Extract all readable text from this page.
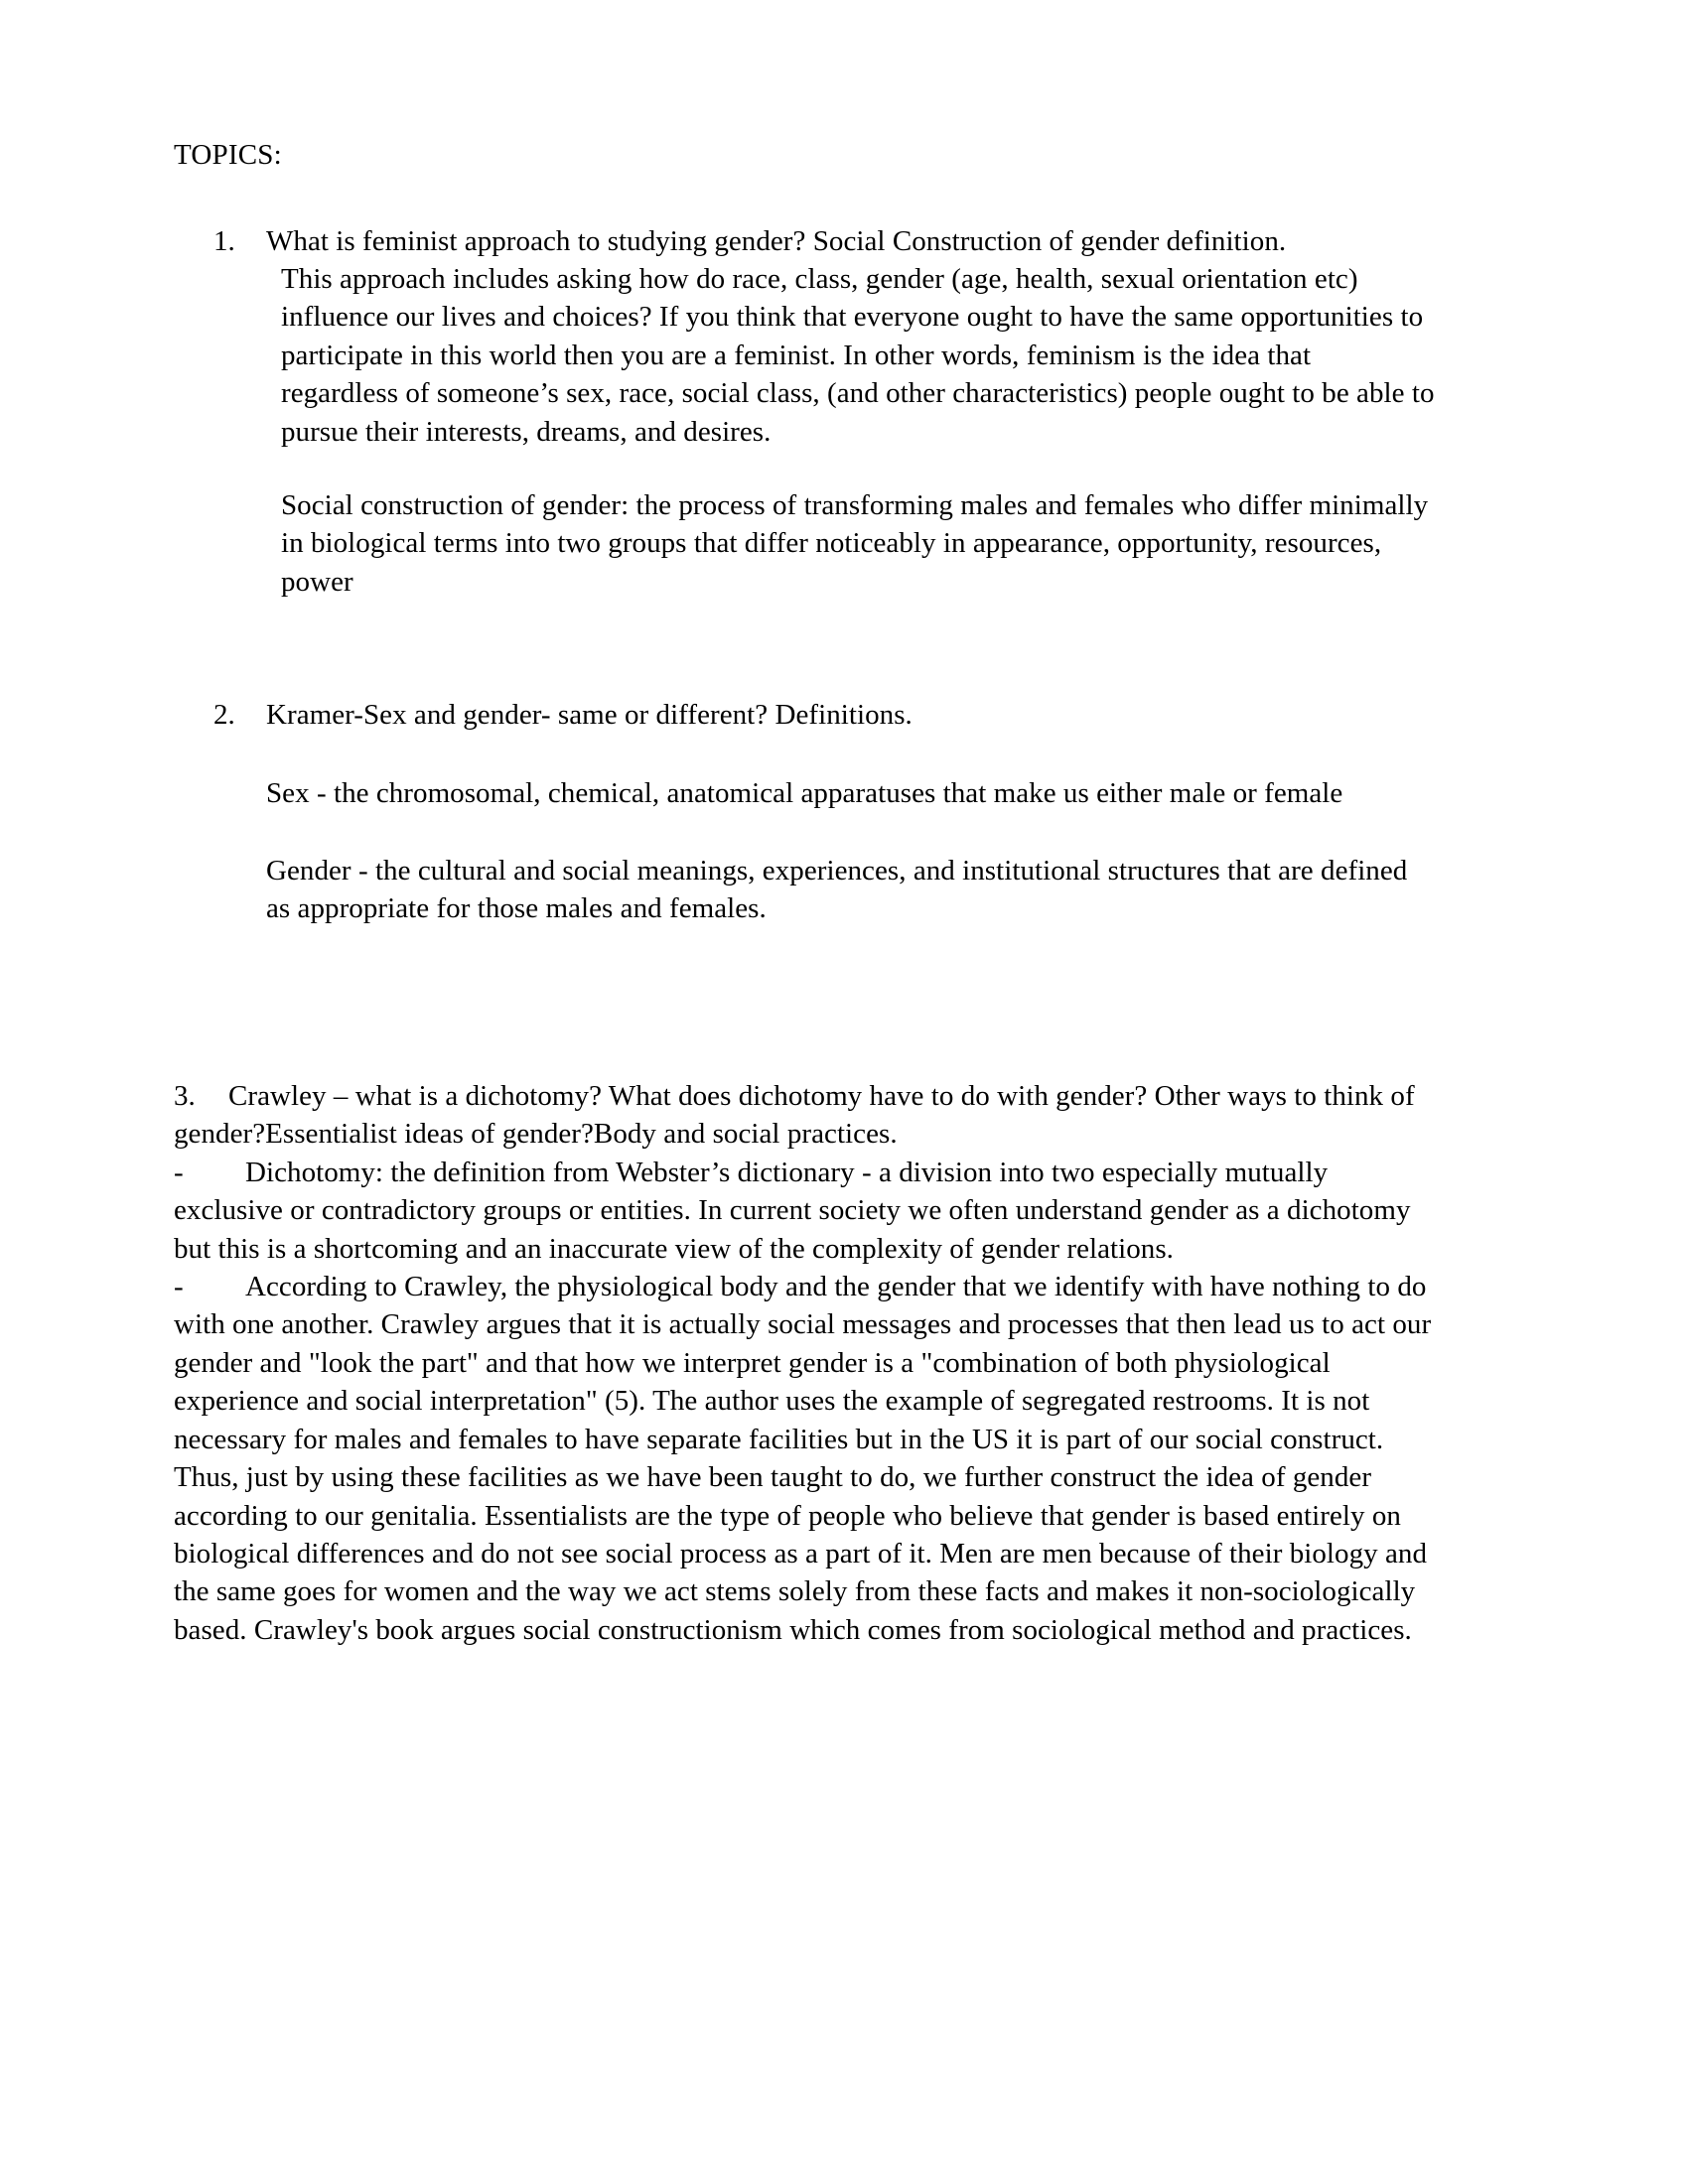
TOPICS:
1. What is feminist approach to studying gender? Social Construction of gender definition.
This approach includes asking how do race, class, gender (age, health, sexual orientation etc) influence our lives and choices? If you think that everyone ought to have the same opportunities to participate in this world then you are a feminist. In other words, feminism is the idea that regardless of someone’s sex, race, social class, (and other characteristics) people ought to be able to pursue their interests, dreams, and desires.
Social construction of gender: the process of transforming males and females who differ minimally in biological terms into two groups that differ noticeably in appearance, opportunity, resources, power
2. Kramer-Sex and gender- same or different? Definitions.
Sex - the chromosomal, chemical, anatomical apparatuses that make us either male or female
Gender - the cultural and social meanings, experiences, and institutional structures that are defined as appropriate for those males and females.
3. Crawley – what is a dichotomy? What does dichotomy have to do with gender? Other ways to think of gender?Essentialist ideas of gender?Body and social practices.
- Dichotomy: the definition from Webster’s dictionary - a division into two especially mutually exclusive or contradictory groups or entities. In current society we often understand gender as a dichotomy but this is a shortcoming and an inaccurate view of the complexity of gender relations.
- According to Crawley, the physiological body and the gender that we identify with have nothing to do with one another. Crawley argues that it is actually social messages and processes that then lead us to act our gender and "look the part" and that how we interpret gender is a "combination of both physiological experience and social interpretation" (5). The author uses the example of segregated restrooms. It is not necessary for males and females to have separate facilities but in the US it is part of our social construct. Thus, just by using these facilities as we have been taught to do, we further construct the idea of gender according to our genitalia. Essentialists are the type of people who believe that gender is based entirely on biological differences and do not see social process as a part of it. Men are men because of their biology and the same goes for women and the way we act stems solely from these facts and makes it non-sociologically based. Crawley's book argues social constructionism which comes from sociological method and practices.
